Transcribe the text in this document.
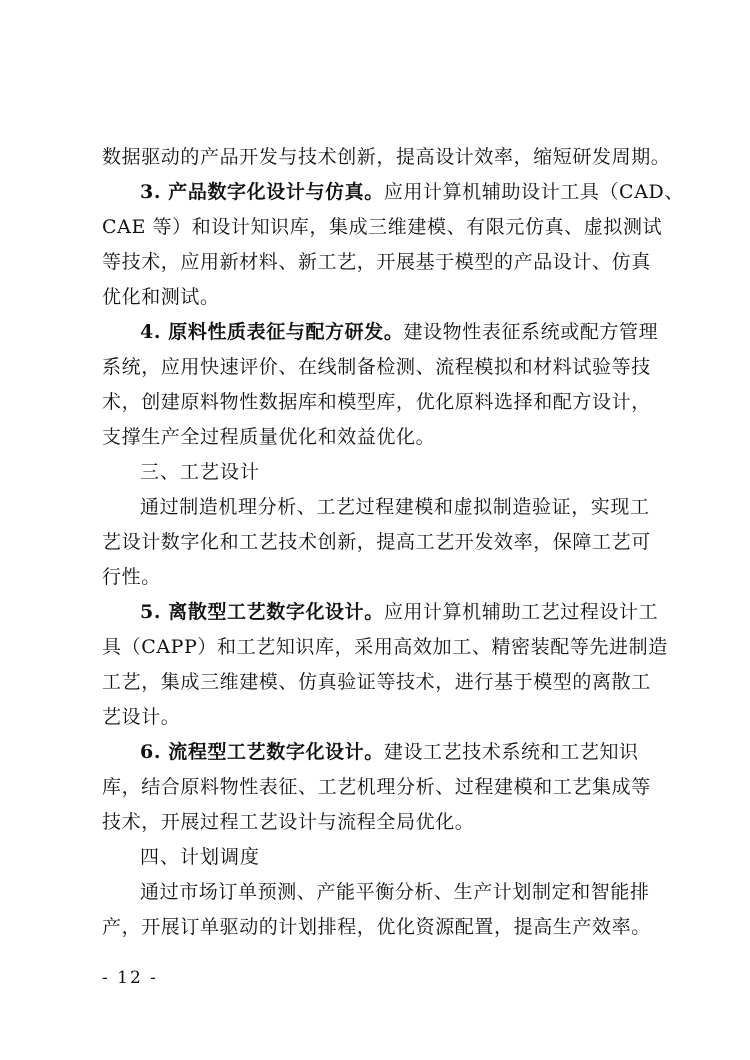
数据驱动的产品开发与技术创新，提高设计效率，缩短研发周期。
3. 产品数字化设计与仿真。应用计算机辅助设计工具（CAD、
CAE 等）和设计知识库，集成三维建模、有限元仿真、虚拟测试
等技术，应用新材料、新工艺，开展基于模型的产品设计、仿真
优化和测试。
4. 原料性质表征与配方研发。建设物性表征系统或配方管理
系统，应用快速评价、在线制备检测、流程模拟和材料试验等技
术，创建原料物性数据库和模型库，优化原料选择和配方设计，
支撑生产全过程质量优化和效益优化。
三、工艺设计
通过制造机理分析、工艺过程建模和虚拟制造验证，实现工
艺设计数字化和工艺技术创新，提高工艺开发效率，保障工艺可
行性。
5. 离散型工艺数字化设计。应用计算机辅助工艺过程设计工
具（CAPP）和工艺知识库，采用高效加工、精密装配等先进制造
工艺，集成三维建模、仿真验证等技术，进行基于模型的离散工
艺设计。
6. 流程型工艺数字化设计。建设工艺技术系统和工艺知识
库，结合原料物性表征、工艺机理分析、过程建模和工艺集成等
技术，开展过程工艺设计与流程全局优化。
四、计划调度
通过市场订单预测、产能平衡分析、生产计划制定和智能排
产，开展订单驱动的计划排程，优化资源配置，提高生产效率。
- 12 -
